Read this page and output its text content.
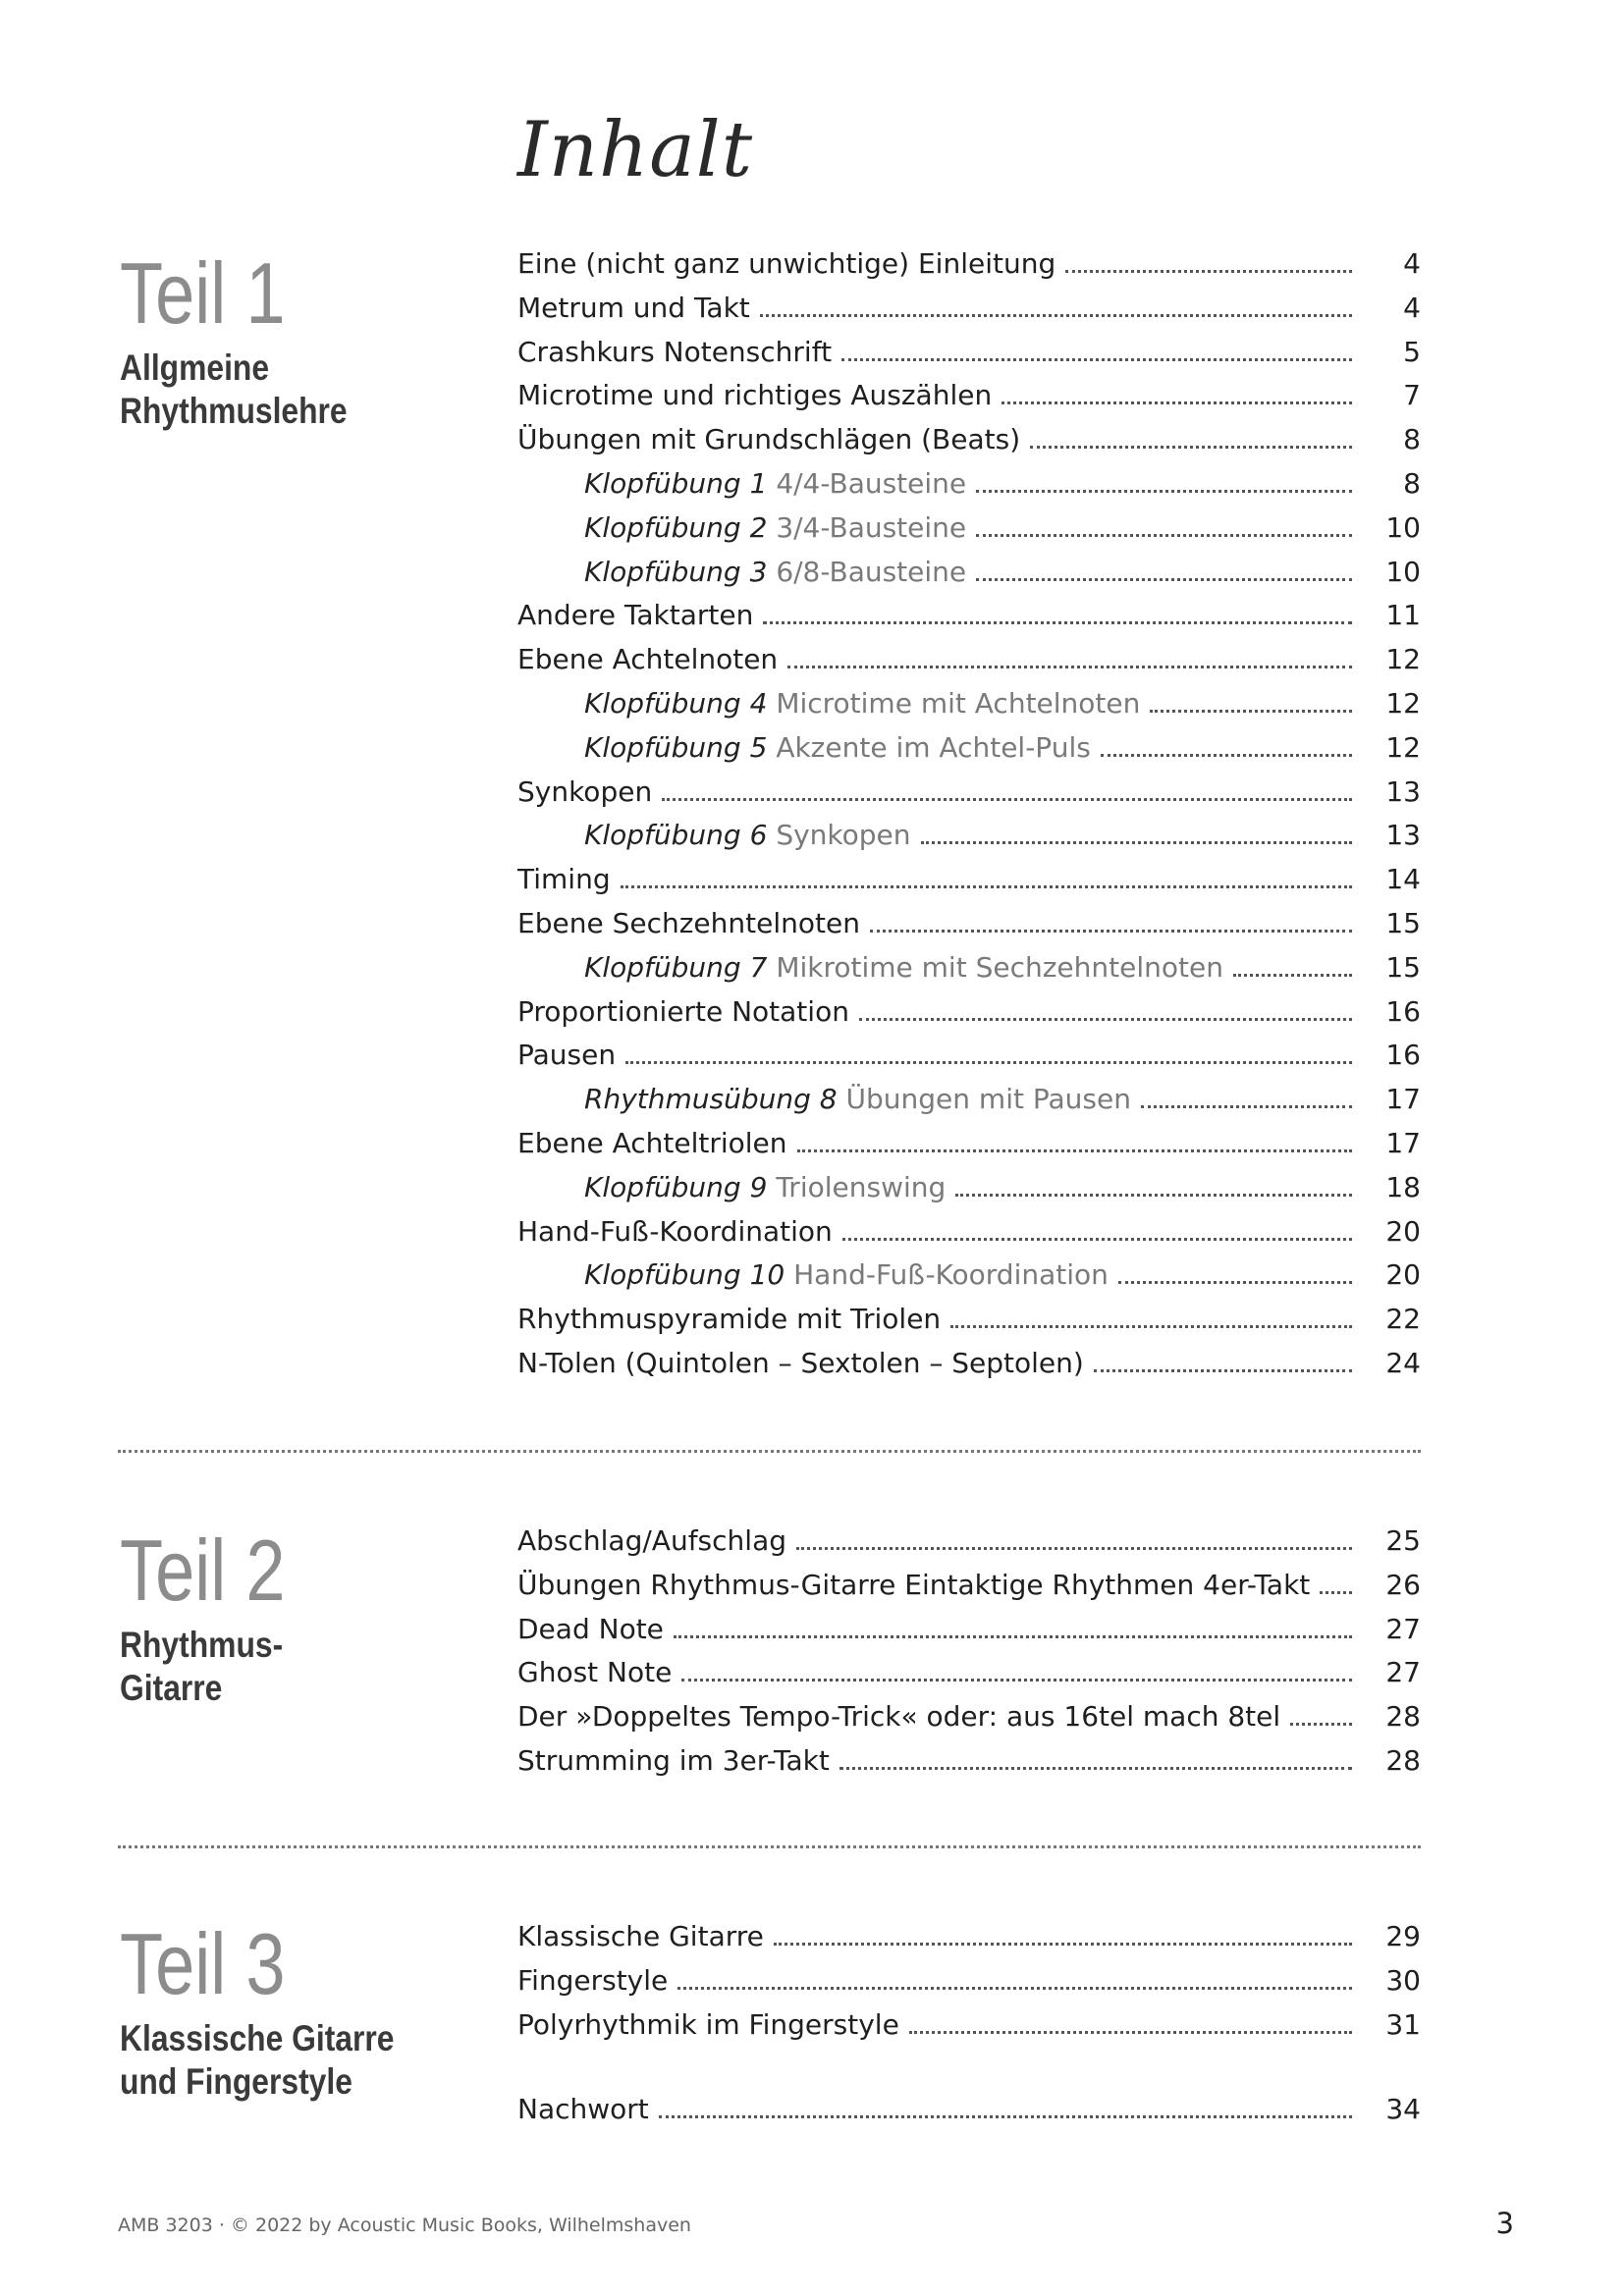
Inhalt
Teil 1
Allgmeine
Rhythmuslehre
Eine (nicht ganz unwichtige) Einleitung	4
Metrum und Takt	4
Crashkurs Notenschrift	5
Microtime und richtiges Auszählen	7
Übungen mit Grundschlägen (Beats)	8
Klopfübung 1 4/4-Bausteine	8
Klopfübung 2 3/4-Bausteine	10
Klopfübung 3 6/8-Bausteine	10
Andere Taktarten	11
Ebene Achtelnoten	12
Klopfübung 4 Microtime mit Achtelnoten	12
Klopfübung 5 Akzente im Achtel-Puls	12
Synkopen	13
Klopfübung 6 Synkopen	13
Timing	14
Ebene Sechzehntelnoten	15
Klopfübung 7 Mikrotime mit Sechzehntelnoten	15
Proportionierte Notation	16
Pausen	16
Rhythmusübung 8 Übungen mit Pausen	17
Ebene Achteltriolen	17
Klopfübung 9 Triolenswing	18
Hand-Fuß-Koordination	20
Klopfübung 10 Hand-Fuß-Koordination	20
Rhythmuspyramide mit Triolen	22
N-Tolen (Quintolen – Sextolen – Septolen)	24
Teil 2
Rhythmus-
Gitarre
Abschlag/Aufschlag	25
Übungen Rhythmus-Gitarre Eintaktige Rhythmen 4er-Takt	26
Dead Note	27
Ghost Note	27
Der »Doppeltes Tempo-Trick« oder: aus 16tel mach 8tel	28
Strumming im 3er-Takt	28
Teil 3
Klassische Gitarre
und Fingerstyle
Klassische Gitarre	29
Fingerstyle	30
Polyrhythmik im Fingerstyle	31
Nachwort	34
AMB 3203 · © 2022 by Acoustic Music Books, Wilhelmshaven	3
